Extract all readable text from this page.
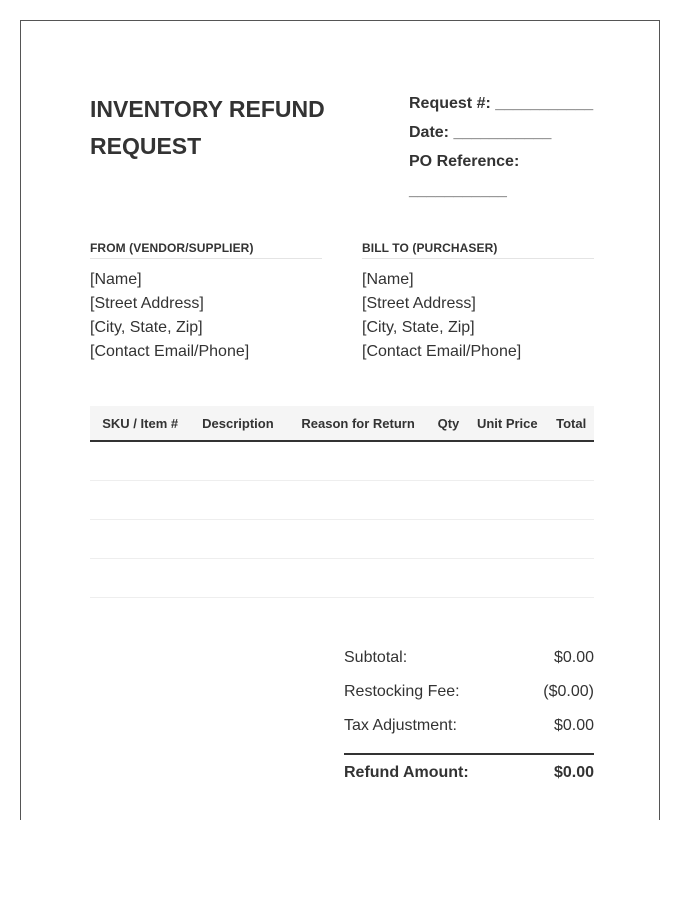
INVENTORY REFUND REQUEST
Request #: ___________
Date: ___________
PO Reference: ___________
FROM (VENDOR/SUPPLIER)
[Name]
[Street Address]
[City, State, Zip]
[Contact Email/Phone]
BILL TO (PURCHASER)
[Name]
[Street Address]
[City, State, Zip]
[Contact Email/Phone]
SKU / Item #	Description	Reason for Return	Qty	Unit Price	Total

Subtotal:	$0.00
Restocking Fee:	($0.00)
Tax Adjustment:	$0.00
Refund Amount:	$0.00
